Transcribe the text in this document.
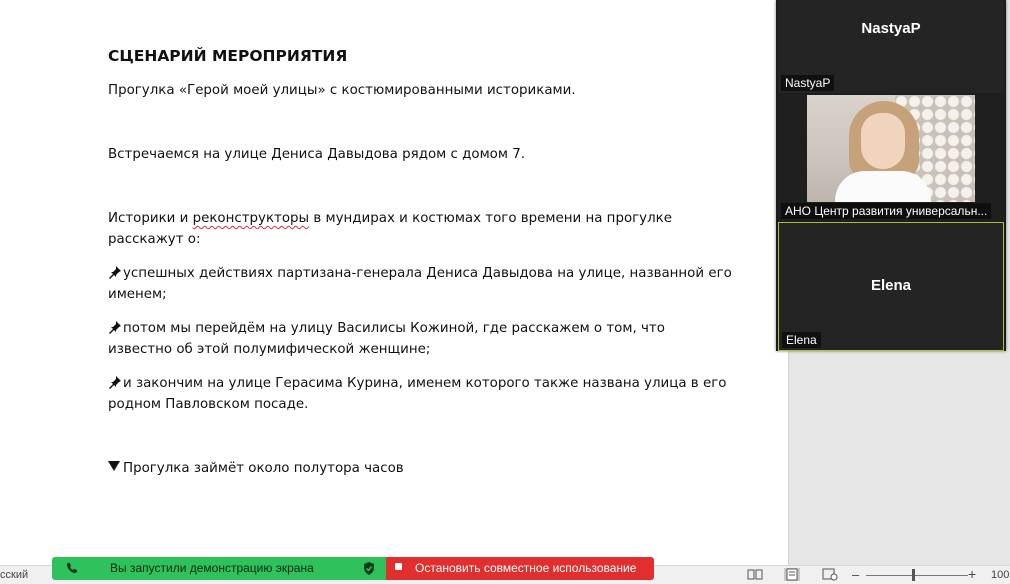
СЦЕНАРИЙ МЕРОПРИЯТИЯ

Прогулка «Герой моей улицы» с костюмированными историками.

Встречаемся на улице Дениса Давыдова рядом с домом 7.

Историки и реконструкторы в мундирах и костюмах того времени на прогулке расскажут о:

успешных действиях партизана-генерала Дениса Давыдова на улице, названной его именем;

потом мы перейдём на улицу Василисы Кожиной, где расскажем о том, что известно об этой полумифической женщине;

и закончим на улице Герасима Курина, именем которого также названа улица в его родном Павловском посаде.

Прогулка займёт около полутора часов

NastyaP
NastyaP
АНО Центр развития универсальн...
Elena
Elena
сский	–	+ 100
Вы запустили демонстрацию экрана	Остановить совместное использование
